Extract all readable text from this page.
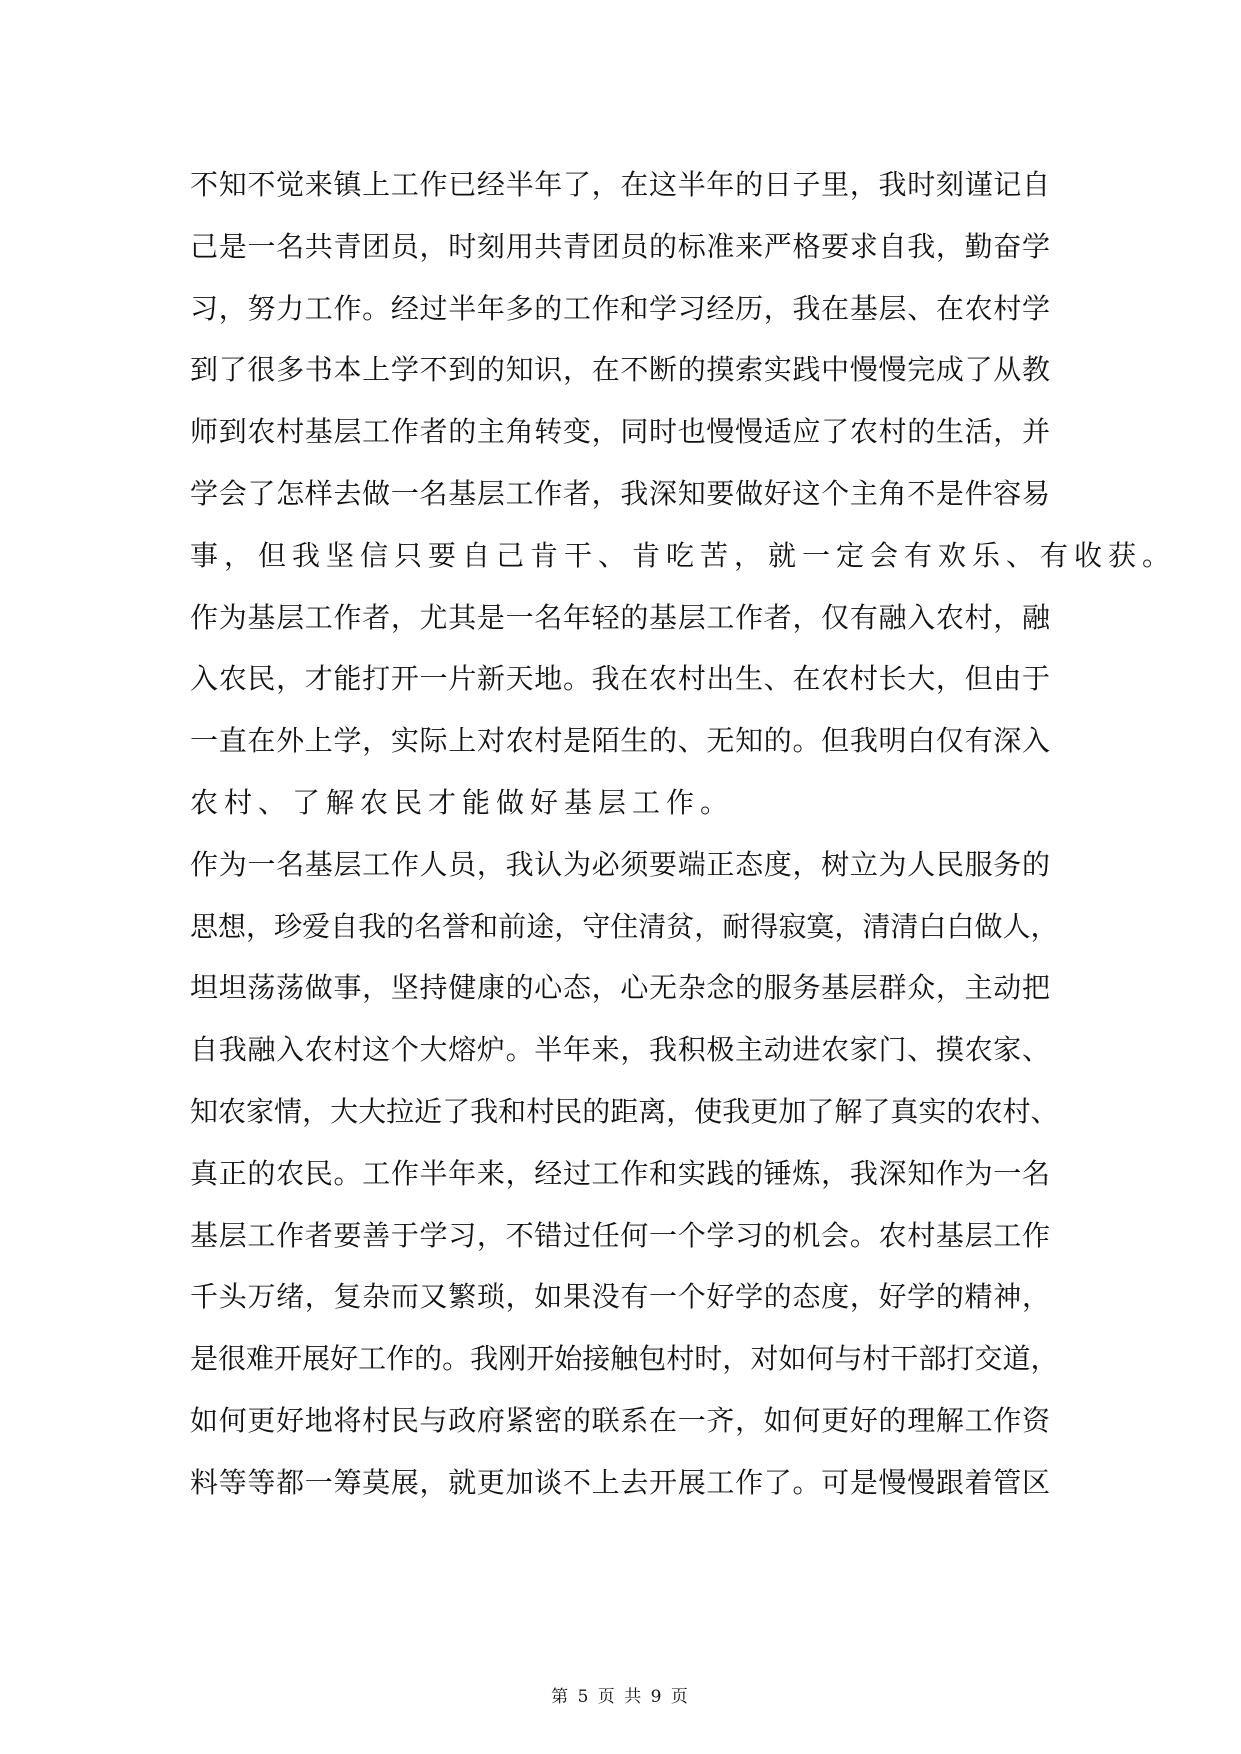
不 知 不 觉 来 镇 上 工 作 已 经 半 年 了 ， 在 这 半 年 的 日 子 里 ， 我 时 刻 谨 记 自
己 是 一 名 共 青 团 员 ， 时 刻 用 共 青 团 员 的 标 准 来 严 格 要 求 自 我 ， 勤 奋 学
习 ， 努 力 工 作 。 经 过 半 年 多 的 工 作 和 学 习 经 历 ， 我 在 基 层 、 在 农 村 学
到 了 很 多 书 本 上 学 不 到 的 知 识 ， 在 不 断 的 摸 索 实 践 中 慢 慢 完 成 了 从 教
师 到 农 村 基 层 工 作 者 的 主 角 转 变 ， 同 时 也 慢 慢 适 应 了 农 村 的 生 活 ， 并
学 会 了 怎 样 去 做 一 名 基 层 工 作 者 ， 我 深 知 要 做 好 这 个 主 角 不 是 件 容 易
事，但我坚信只要自己肯干、肯吃苦，就一定会有欢乐、有收获。
作 为 基 层 工 作 者 ， 尤 其 是 一 名 年 轻 的 基 层 工 作 者 ， 仅 有 融 入 农 村 ， 融
入 农 民 ， 才 能 打 开 一 片 新 天 地 。 我 在 农 村 出 生 、 在 农 村 长 大 ， 但 由 于
一 直 在 外 上 学 ， 实 际 上 对 农 村 是 陌 生 的 、 无 知 的 。 但 我 明 白 仅 有 深 入
农村、了解农民才能做好基层工作。
作 为 一 名 基 层 工 作 人 员 ， 我 认 为 必 须 要 端 正 态 度 ， 树 立 为 人 民 服 务 的
思 想 ， 珍 爱 自 我 的 名 誉 和 前 途 ， 守 住 清 贫 ， 耐 得 寂 寞 ， 清 清 白 白 做 人 ，
坦 坦 荡 荡 做 事 ， 坚 持 健 康 的 心 态 ， 心 无 杂 念 的 服 务 基 层 群 众 ， 主 动 把
自 我 融 入 农 村 这 个 大 熔 炉 。 半 年 来 ， 我 积 极 主 动 进 农 家 门 、 摸 农 家 、
知 农 家 情 ， 大 大 拉 近 了 我 和 村 民 的 距 离 ， 使 我 更 加 了 解 了 真 实 的 农 村 、
真 正 的 农 民 。 工 作 半 年 来 ， 经 过 工 作 和 实 践 的 锤 炼 ， 我 深 知 作 为 一 名
基 层 工 作 者 要 善 于 学 习 ， 不 错 过 任 何 一 个 学 习 的 机 会 。 农 村 基 层 工 作
千 头 万 绪 ， 复 杂 而 又 繁 琐 ， 如 果 没 有 一 个 好 学 的 态 度 ， 好 学 的 精 神 ，
是 很 难 开 展 好 工 作 的 。 我 刚 开 始 接 触 包 村 时 ， 对 如 何 与 村 干 部 打 交 道 ，
如 何 更 好 地 将 村 民 与 政 府 紧 密 的 联 系 在 一 齐 ， 如 何 更 好 的 理 解 工 作 资
料 等 等 都 一 筹 莫 展 ， 就 更 加 谈 不 上 去 开 展 工 作 了 。 可 是 慢 慢 跟 着 管 区
第 5 页 共 9 页
